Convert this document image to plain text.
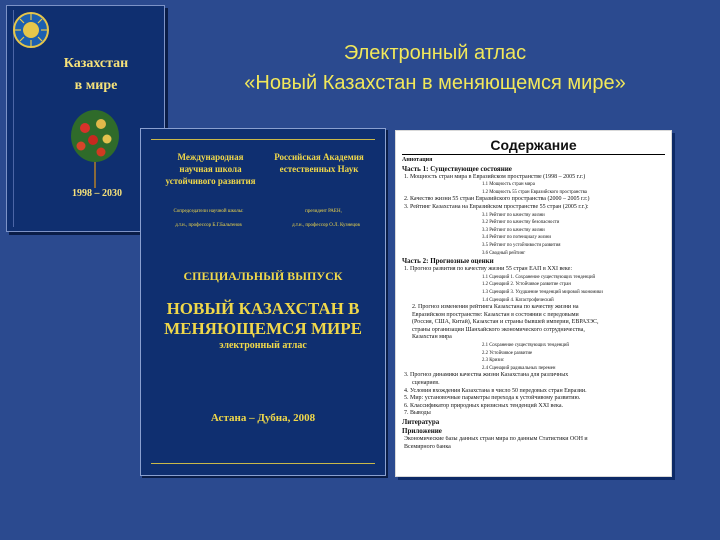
Электронный атлас
«Новый Казахстан в меняющемся мире»
Казахстан
в мире
1998 – 2030
Международная научная школа устойчивого развития
Российская Академия естественных Наук
Сопредседатели научной школы:
д.т.н., профессор Б.Г.Бальтенов
президент РАЕН,
д.т.н., профессор О.Л. Кузнецов
СПЕЦИАЛЬНЫЙ ВЫПУСК
НОВЫЙ КАЗАХСТАН В МЕНЯЮЩЕМСЯ МИРЕ
электронный атлас
Астана – Дубна, 2008
Содержание
Аннотация
Часть 1: Существующее состояние
1. Мощность стран мира в Евразийском пространстве (1998 – 2005 г.г.)
1.1 Мощность стран мира
1.2 Мощность 55 стран Евразийского пространства
2. Качество жизни 55 стран Евразийского пространства (2000 – 2005 г.г.)
3. Рейтинг Казахстана на Евразийском пространстве 55 стран (2005 г.г.):
3.1 Рейтинг по качеству жизни
3.2 Рейтинг по качеству безопасности
3.3 Рейтинг по качеству жизни
3.4 Рейтинг по потенциалу жизни
3.5 Рейтинг по устойчивости развития
3.6 Сводный рейтинг
Часть 2: Прогнозные оценки
1. Прогноз развития по качеству жизни 55 стран ЕАП в XXI веке:
1.1 Сценарий 1. Сохранение существующих тенденций
1.2 Сценарий 2. Устойчивое развитие стран
1.3 Сценарий 3. Ухудшение тенденций мировой экономики
1.4 Сценарий 4. Катастрофический
2. Прогноз изменения рейтинга Казахстана по качеству жизни на
Евразийском пространстве: Казахстан в состоянии с передовыми
(Россия, США, Китай), Казахстан и страны бывшей империи, ЕВРАЗЭС,
страны организации Шанхайского экономического сотрудничества,
Казахстан мира
2.1 Сохранение существующих тенденций
2.2 Устойчивое развитие
2.3 Кризис
2.4 Сценарий радикальных перемен
3. Прогноз динамики качества жизни Казахстана для различных
сценариев.
4. Условия вхождения Казахстана в число 50 передовых стран Евразии.
5. Мир: установочные параметры перехода к устойчивому развитию.
6. Классификатор природных кризисных тенденций XXI века.
7. Выводы
Литература
Приложение
Экономические базы данных стран мира по данным Статистики ООН и
Всемирного банка
